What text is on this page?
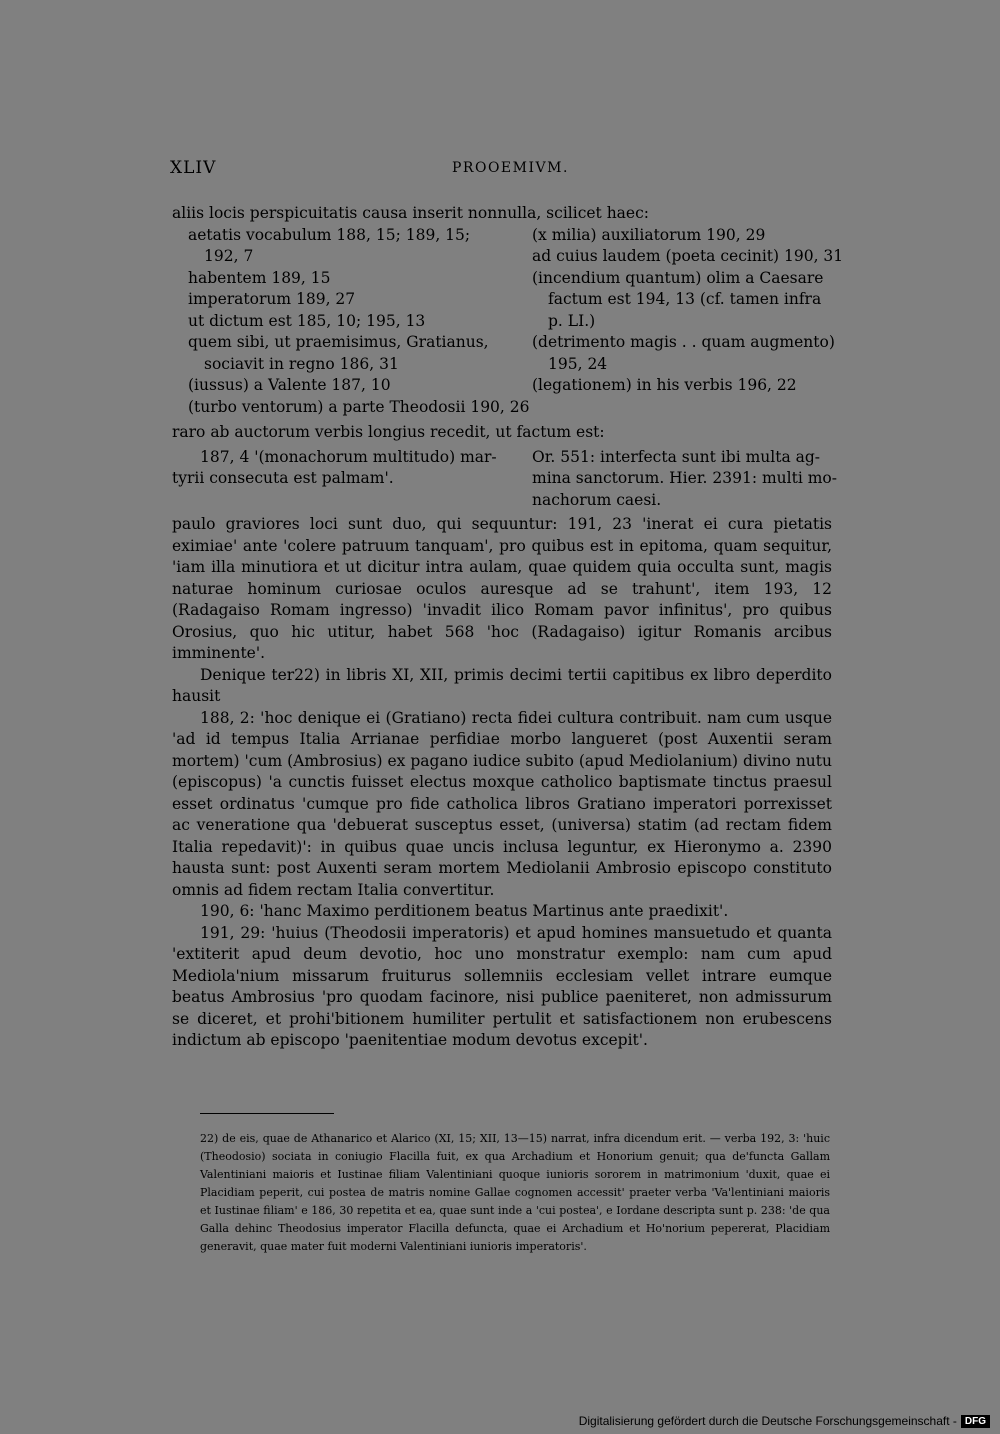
XLIV	PROOEMIVM.
aliis locis perspicuitatis causa inserit nonnulla, scilicet haec:
aetatis vocabulum 188, 15; 189, 15;
192, 7
habentem 189, 15
imperatorum 189, 27
ut dictum est 185, 10; 195, 13
quem sibi, ut praemisimus, Gratianus,
sociavit in regno 186, 31
(iussus) a Valente 187, 10
(turbo ventorum) a parte Theodosii 190, 26
(x milia) auxiliatorum 190, 29
ad cuius laudem (poeta cecinit) 190, 31
(incendium quantum) olim a Caesare
factum est 194, 13 (cf. tamen infra
p. LI.)
(detrimento magis . . quam augmento)
195, 24
(legationem) in his verbis 196, 22
raro ab auctorum verbis longius recedit, ut factum est:
187, 4 '(monachorum multitudo) mar-
tyrii consecuta est palmam'.
Or. 551: interfecta sunt ibi multa ag-
mina sanctorum. Hier. 2391: multi mo-
nachorum caesi.

paulo graviores loci sunt duo, qui sequuntur: 191, 23 'inerat ei cura pietatis eximiae' ante 'colere patruum tanquam', pro quibus est in epitoma, quam sequitur, 'iam illa minutiora et ut dicitur intra aulam, quae quidem quia occulta sunt, magis naturae hominum curiosae oculos auresque ad se trahunt', item 193, 12 (Radagaiso Romam ingresso) 'invadit ilico Romam pavor infinitus', pro quibus Orosius, quo hic utitur, habet 568 'hoc (Radagaiso) igitur Romanis arcibus imminente'.

Denique ter22) in libris XI, XII, primis decimi tertii capitibus ex libro deperdito hausit

188, 2: 'hoc denique ei (Gratiano) recta fidei cultura contribuit. nam cum usque 'ad id tempus Italia Arrianae perfidiae morbo langueret (post Auxentii seram mortem) 'cum (Ambrosius) ex pagano iudice subito (apud Mediolanium) divino nutu (episcopus) 'a cunctis fuisset electus moxque catholico baptismate tinctus praesul esset ordinatus 'cumque pro fide catholica libros Gratiano imperatori porrexisset ac veneratione qua 'debuerat susceptus esset, (universa) statim (ad rectam fidem Italia repedavit)': in quibus quae uncis inclusa leguntur, ex Hieronymo a. 2390 hausta sunt: post Auxenti seram mortem Mediolanii Ambrosio episcopo constituto omnis ad fidem rectam Italia convertitur.

190, 6: 'hanc Maximo perditionem beatus Martinus ante praedixit'.

191, 29: 'huius (Theodosii imperatoris) et apud homines mansuetudo et quanta 'extiterit apud deum devotio, hoc uno monstratur exemplo: nam cum apud Mediola'nium missarum fruiturus sollemniis ecclesiam vellet intrare eumque beatus Ambrosius 'pro quodam facinore, nisi publice paeniteret, non admissurum se diceret, et prohi'bitionem humiliter pertulit et satisfactionem non erubescens indictum ab episcopo 'paenitentiae modum devotus excepit'.

22) de eis, quae de Athanarico et Alarico (XI, 15; XII, 13—15) narrat, infra dicendum erit. — verba 192, 3: 'huic (Theodosio) sociata in coniugio Flacilla fuit, ex qua Archadium et Honorium genuit; qua de'functa Gallam Valentiniani maioris et Iustinae filiam Valentiniani quoque iunioris sororem in matrimonium 'duxit, quae ei Placidiam peperit, cui postea de matris nomine Gallae cognomen accessit' praeter verba 'Va'lentiniani maioris et Iustinae filiam' e 186, 30 repetita et ea, quae sunt inde a 'cui postea', e Iordane descripta sunt p. 238: 'de qua Galla dehinc Theodosius imperator Flacilla defuncta, quae ei Archadium et Ho'norium pepererat, Placidiam generavit, quae mater fuit moderni Valentiniani iunioris imperatoris'.
Digitalisierung gefördert durch die Deutsche Forschungsgemeinschaft - DFG
